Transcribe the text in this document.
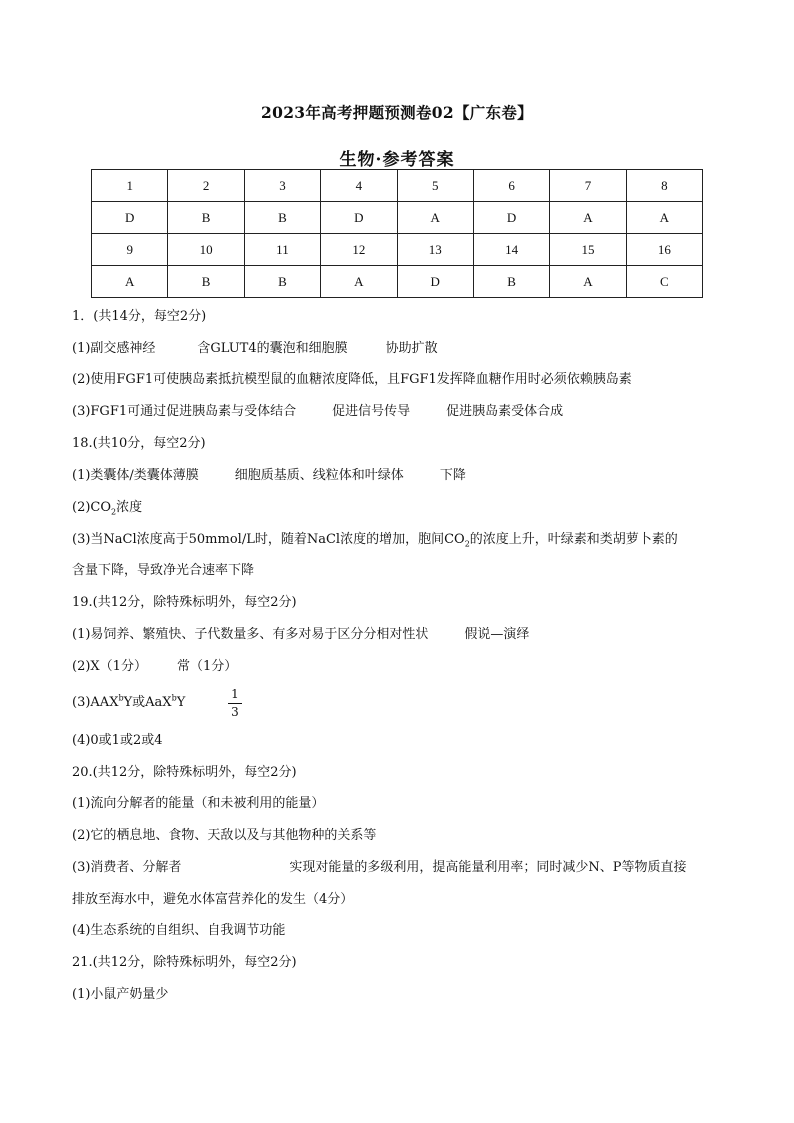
2023年高考押题预测卷02【广东卷】
生物·参考答案
1	2	3	4	5	6	7	8
D	B	B	D	A	D	A	A
9	10	11	12	13	14	15	16
A	B	B	A	D	B	A	C
1．(共14分，每空2分)
(1)副交感神经	含GLUT4的囊泡和细胞膜	协助扩散
(2)使用FGF1可使胰岛素抵抗模型鼠的血糖浓度降低，且FGF1发挥降血糖作用时必须依赖胰岛素
(3)FGF1可通过促进胰岛素与受体结合	促进信号传导	促进胰岛素受体合成
18.(共10分，每空2分)
(1)类囊体/类囊体薄膜	细胞质基质、线粒体和叶绿体	下降
$(2)CO_2$浓度
(3)当NaCl浓度高于50mmol/L时，随着NaCl浓度的增加，胞间$CO_2$的浓度上升，叶绿素和类胡萝卜素的
含量下降，导致净光合速率下降
19.(共12分，除特殊标明外，每空2分)
(1)易饲养、繁殖快、子代数量多、有多对易于区分分相对性状	假说—演绎
(2)X（1分） 常（1分）
(3)AAX$^b$Y或AaX$^b$Y
1
3
(4)0或1或2或4
20.(共12分，除特殊标明外，每空2分)
(1)流向分解者的能量（和未被利用的能量）
(2)它的栖息地、食物、天敌以及与其他物种的关系等
(3)消费者、分解者	实现对能量的多级利用，提高能量利用率；同时减少N、P等物质直接
排放至海水中，避免水体富营养化的发生（4分）
(4)生态系统的自组织、自我调节功能
21.(共12分，除特殊标明外，每空2分)
(1)小鼠产奶量少
